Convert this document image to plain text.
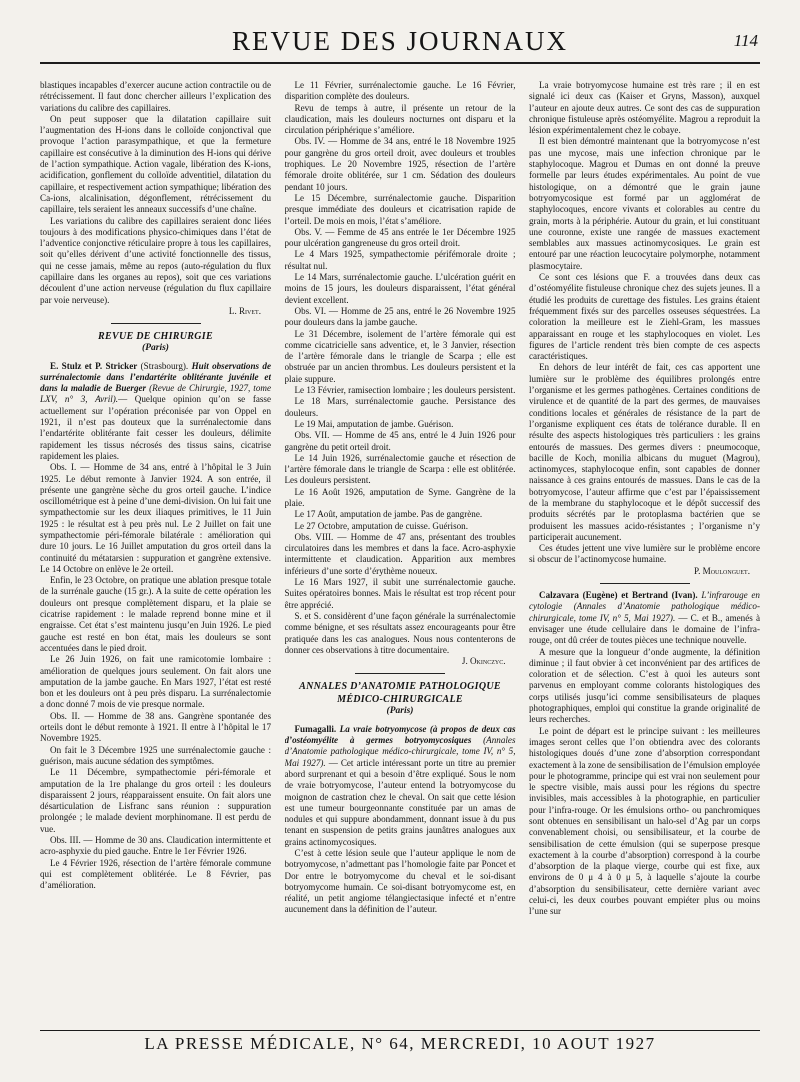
REVUE DES JOURNAUX	114

blastiques incapables d’exercer aucune action contractile ou de rétrécissement. Il faut donc chercher ailleurs l’explication des variations du calibre des capillaires.

On peut supposer que la dilatation capillaire suit l’augmentation des H-ions dans le colloïde conjonctival que provoque l’action parasympathique, et que la fermeture capillaire est consécutive à la diminution des H-ions qui dérive de l’action sympathique. Action vagale, libération des K-ions, acidification, gonflement du colloïde adventitiel, dilatation du capillaire, et respectivement action sympathique; libération des Ca-ions, alcalinisation, dégonflement, rétrécissement du capillaire, tels seraient les anneaux successifs d’une chaîne.

Les variations du calibre des capillaires seraient donc liées toujours à des modifications physico-chimiques dans l’état de l’adventice conjonctive réticulaire propre à tous les capillaires, soit qu’elles dérivent d’une activité fonctionnelle des tissus, qui ne cesse jamais, même au repos (auto-régulation du flux capillaire dans les organes au repos), soit que ces variations découlent d’une action nerveuse (régulation du flux capillaire par voie nerveuse).

L. Rivet.

REVUE DE CHIRURGIE
(Paris)

E. Stulz et P. Stricker (Strasbourg). Huit observations de surrénalectomie dans l’endartérite oblitérante juvénile et dans la maladie de Buerger (Revue de Chirurgie, 1927, tome LXV, n° 3, Avril).— Quelque opinion qu’on se fasse actuellement sur l’opération préconisée par von Oppel en 1921, il n’est pas douteux que la surrénalectomie dans l’endartérite oblitérante fait cesser les douleurs, délimite rapidement les tissus nécrosés des tissus sains, cicatrise rapidement les plaies.

Obs. I. — Homme de 34 ans, entré à l’hôpital le 3 Juin 1925. Le début remonte à Janvier 1924. A son entrée, il présente une gangrène sèche du gros orteil gauche. L’indice oscillométrique est à peine d’une demi-division. On lui fait une sympathectomie sur les deux iliaques primitives, le 11 Juin 1925 : le résultat est à peu près nul. Le 2 Juillet on fait une sympathectomie péri-fémorale bilatérale : amélioration qui dure 10 jours. Le 16 Juillet amputation du gros orteil dans la continuité du métatarsien : suppuration et gangrène extensive. Le 14 Octobre on enlève le 2e orteil.

Enfin, le 23 Octobre, on pratique une ablation presque totale de la surrénale gauche (15 gr.). A la suite de cette opération les douleurs ont presque complètement disparu, et la plaie se cicatrise rapidement : le malade reprend bonne mine et il engraisse. Cet état s’est maintenu jusqu’en Juin 1926. Le pied gauche est resté en bon état, mais les douleurs se sont accentuées dans le pied droit.

Le 26 Juin 1926, on fait une ramicotomie lombaire : amélioration de quelques jours seulement. On fait alors une amputation de la jambe gauche. En Mars 1927, l’état est resté bon et les douleurs ont à peu près disparu. La surrénalectomie a donc donné 7 mois de vie presque normale.

Obs. II. — Homme de 38 ans. Gangrène spontanée des orteils dont le début remonte à 1921. Il entre à l’hôpital le 17 Novembre 1925.

On fait le 3 Décembre 1925 une surrénalectomie gauche : guérison, mais aucune sédation des symptômes.

Le 11 Décembre, sympathectomie péri-fémorale et amputation de la 1re phalange du gros orteil : les douleurs disparaissent 2 jours, réapparaissent ensuite. On fait alors une désarticulation de Lisfranc sans réunion : suppuration prolongée ; le malade devient morphinomane. Il est perdu de vue.

Obs. III. — Homme de 30 ans. Claudication intermittente et acro-asphyxie du pied gauche. Entre le 1er Février 1926.

Le 4 Février 1926, résection de l’artère fémorale commune qui est complètement oblitérée. Le 8 Février, pas d’amélioration.

Le 11 Février, surrénalectomie gauche. Le 16 Février, disparition complète des douleurs.

Revu de temps à autre, il présente un retour de la claudication, mais les douleurs nocturnes ont disparu et la circulation périphérique s’améliore.

Obs. IV. — Homme de 34 ans, entré le 18 Novembre 1925 pour gangrène du gros orteil droit, avec douleurs et troubles trophiques. Le 20 Novembre 1925, résection de l’artère fémorale droite oblitérée, sur 1 cm. Sédation des douleurs pendant 10 jours.

Le 15 Décembre, surrénalectomie gauche. Disparition presque immédiate des douleurs et cicatrisation rapide de l’orteil. De mois en mois, l’état s’améliore.

Obs. V. — Femme de 45 ans entrée le 1er Décembre 1925 pour ulcération gangreneuse du gros orteil droit.

Le 4 Mars 1925, sympathectomie périfémorale droite ; résultat nul.

Le 14 Mars, surrénalectomie gauche. L’ulcération guérit en moins de 15 jours, les douleurs disparaissent, l’état général devient excellent.

Obs. VI. — Homme de 25 ans, entré le 26 Novembre 1925 pour douleurs dans la jambe gauche.

Le 31 Décembre, isolement de l’artère fémorale qui est comme cicatricielle sans adventice, et, le 3 Janvier, résection de l’artère fémorale dans le triangle de Scarpa ; elle est obstruée par un ancien thrombus. Les douleurs persistent et la plaie suppure.

Le 13 Février, ramisection lombaire ; les douleurs persistent.

Le 18 Mars, surrénalectomie gauche. Persistance des douleurs.

Le 19 Mai, amputation de jambe. Guérison.

Obs. VII. — Homme de 45 ans, entré le 4 Juin 1926 pour gangrène du petit orteil droit.

Le 14 Juin 1926, surrénalectomie gauche et résection de l’artère fémorale dans le triangle de Scarpa : elle est oblitérée. Les douleurs persistent.

Le 16 Août 1926, amputation de Syme. Gangrène de la plaie.

Le 17 Août, amputation de jambe. Pas de gangrène.

Le 27 Octobre, amputation de cuisse. Guérison.

Obs. VIII. — Homme de 47 ans, présentant des troubles circulatoires dans les membres et dans la face. Acro-asphyxie intermittente et claudication. Apparition aux membres inférieurs d’une sorte d’érythème noueux.

Le 16 Mars 1927, il subit une surrénalectomie gauche. Suites opératoires bonnes. Mais le résultat est trop récent pour être apprécié.

S. et S. considèrent d’une façon générale la surrénalectomie comme bénigne, et ses résultats assez encourageants pour être pratiquée dans les cas analogues. Nous nous contenterons de donner ces observations à titre documentaire.

J. Okinczyc.

ANNALES D’ANATOMIE PATHOLOGIQUE MÉDICO-CHIRURGICALE
(Paris)

Fumagalli. La vraie botryomycose (à propos de deux cas d’ostéomyélite à germes botryomycosiques (Annales d’Anatomie pathologique médico-chirurgicale, tome IV, n° 5, Mai 1927). — Cet article intéressant porte un titre au premier abord surprenant et qui a besoin d’être expliqué. Sous le nom de vraie botryomycose, l’auteur entend la botryomycose du moignon de castration chez le cheval. On sait que cette lésion est une tumeur bourgeonnante constituée par un amas de nodules et qui suppure abondamment, donnant issue à du pus tenant en suspension de petits grains jaunâtres analogues aux grains actinomycosiques.

C’est à cette lésion seule que l’auteur applique le nom de botryomycose, n’admettant pas l’homologie faite par Poncet et Dor entre le botryomycome du cheval et le soi-disant botryomycome humain. Ce soi-disant botryomycome est, en réalité, un petit angiome télangiectasique infecté et n’entre aucunement dans la définition de l’auteur.

La vraie botryomycose humaine est très rare ; il en est signalé ici deux cas (Kaiser et Gryns, Masson), auxquel l’auteur en ajoute deux autres. Ce sont des cas de suppuration chronique fistuleuse après ostéomyélite. Magrou a reproduit la lésion expérimentalement chez le cobaye.

Il est bien démontré maintenant que la botryomycose n’est pas une mycose, mais une infection chronique par le staphylocoque. Magrou et Dumas en ont donné la preuve formelle par leurs études expérimentales. Au point de vue histologique, on a démontré que le grain jaune botryomycosique est formé par un agglomérat de staphylocoques, encore vivants et colorables au centre du grain, morts à la périphérie. Autour du grain, et lui constituant une couronne, existe une rangée de massues exactement semblables aux massues actinomycosiques. Le grain est entouré par une réaction leucocytaire polymorphe, notamment plasmocytaire.

Ce sont ces lésions que F. a trouvées dans deux cas d’ostéomyélite fistuleuse chronique chez des sujets jeunes. Il a étudié les produits de curettage des fistules. Les grains étaient fréquemment fixés sur des parcelles osseuses séquestrées. La coloration la meilleure est le Ziehl-Gram, les massues apparaissant en rouge et les staphylocoques en violet. Les figures de l’article rendent très bien compte de ces aspects caractéristiques.

En dehors de leur intérêt de fait, ces cas apportent une lumière sur le problème des équilibres prolongés entre l’organisme et les germes pathogènes. Certaines conditions de virulence et de quantité de la part des germes, de mauvaises conditions locales et générales de résistance de la part de l’organisme expliquent ces états de tolérance durable. Il en résulte des aspects histologiques très particuliers : les grains entourés de massues. Des germes divers : pneumocoque, bacille de Koch, monilia albicans du muguet (Magrou), actinomyces, staphylocoque enfin, sont capables de donner naissance à ces grains entourés de massues. Dans le cas de la botryomycose, l’auteur affirme que c’est par l’épaississement de la membrane du staphylocoque et le dépôt successif des produits sécrétés par le protoplasma bactérien que se produisent les massues acido-résistantes ; l’organisme n’y participerait aucunement.

Ces études jettent une vive lumière sur le problème encore si obscur de l’actinomycose humaine.

P. Moulonguet.

Calzavara (Eugène) et Bertrand (Ivan). L’infrarouge en cytologie (Annales d’Anatomie pathologique médico-chirurgicale, tome IV, n° 5, Mai 1927). — C. et B., amenés à envisager une étude cellulaire dans le domaine de l’infra-rouge, ont dû créer de toutes pièces une technique nouvelle.

A mesure que la longueur d’onde augmente, la définition diminue ; il faut obvier à cet inconvénient par des artifices de coloration et de sélection. C’est à quoi les auteurs sont parvenus en employant comme colorants histologiques des corps utilisés jusqu’ici comme sensibilisateurs de plaques photographiques, emploi qui constitue la grande originalité de leurs recherches.

Le point de départ est le principe suivant : les meilleures images seront celles que l’on obtiendra avec des colorants histologiques doués d’une zone d’absorption correspondant exactement à la zone de sensibilisation de l’émulsion employée pour le photogramme, principe qui est vrai non seulement pour le spectre visible, mais aussi pour les régions du spectre invisibles, mais accessibles à la photographie, en particulier pour l’infra-rouge. Or les émulsions ortho- ou panchromiques sont obtenues en sensibilisant un halo-sel d’Ag par un corps convenablement choisi, ou sensibilisateur, et la courbe de sensibilisation de cette émulsion (qui se superpose presque exactement à la courbe d’absorption) correspond à la courbe d’absorption de la plaque vierge, courbe qui est fixe, aux environs de 0 μ 4 à 0 μ 5, à laquelle s’ajoute la courbe d’absorption du sensibilisateur, cette dernière variant avec celui-ci, les deux courbes pouvant empiéter plus ou moins l’une sur

LA PRESSE MÉDICALE, N° 64, MERCREDI, 10 AOUT 1927
